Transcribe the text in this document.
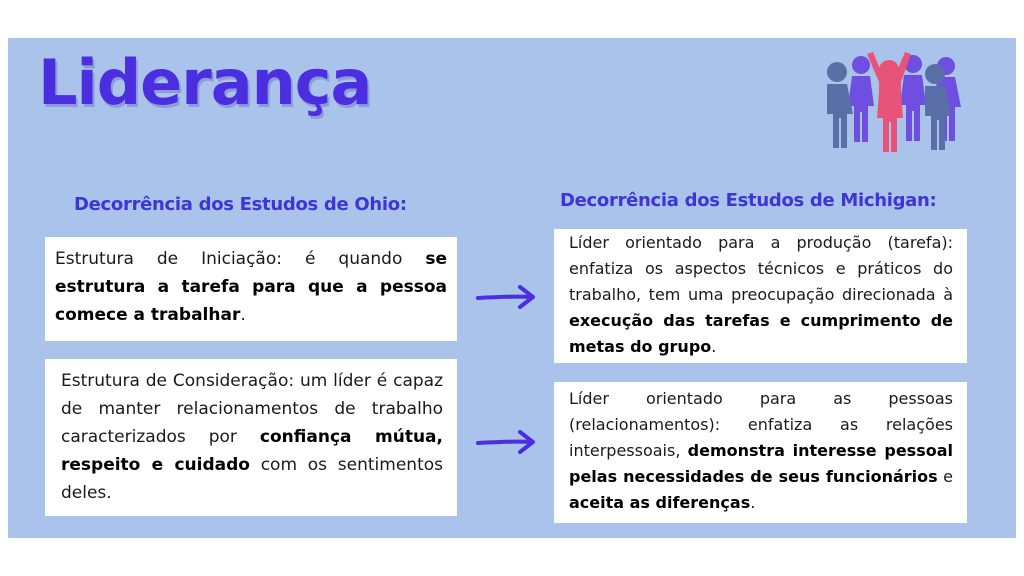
Liderança
Decorrência dos Estudos de Ohio:	Decorrência dos Estudos de Michigan:
Estrutura de Iniciação: é quando se estrutura a tarefa para que a pessoa comece a trabalhar.
Estrutura de Consideração: um líder é capaz de manter relacionamentos de trabalho caracterizados por confiança mútua, respeito e cuidado com os sentimentos deles.
Líder orientado para a produção (tarefa): enfatiza os aspectos técnicos e práticos do trabalho, tem uma preocupação direcionada à execução das tarefas e cumprimento de metas do grupo.
Líder orientado para as pessoas (relacionamentos): enfatiza as relações interpessoais, demonstra interesse pessoal pelas necessidades de seus funcionários e aceita as diferenças.
